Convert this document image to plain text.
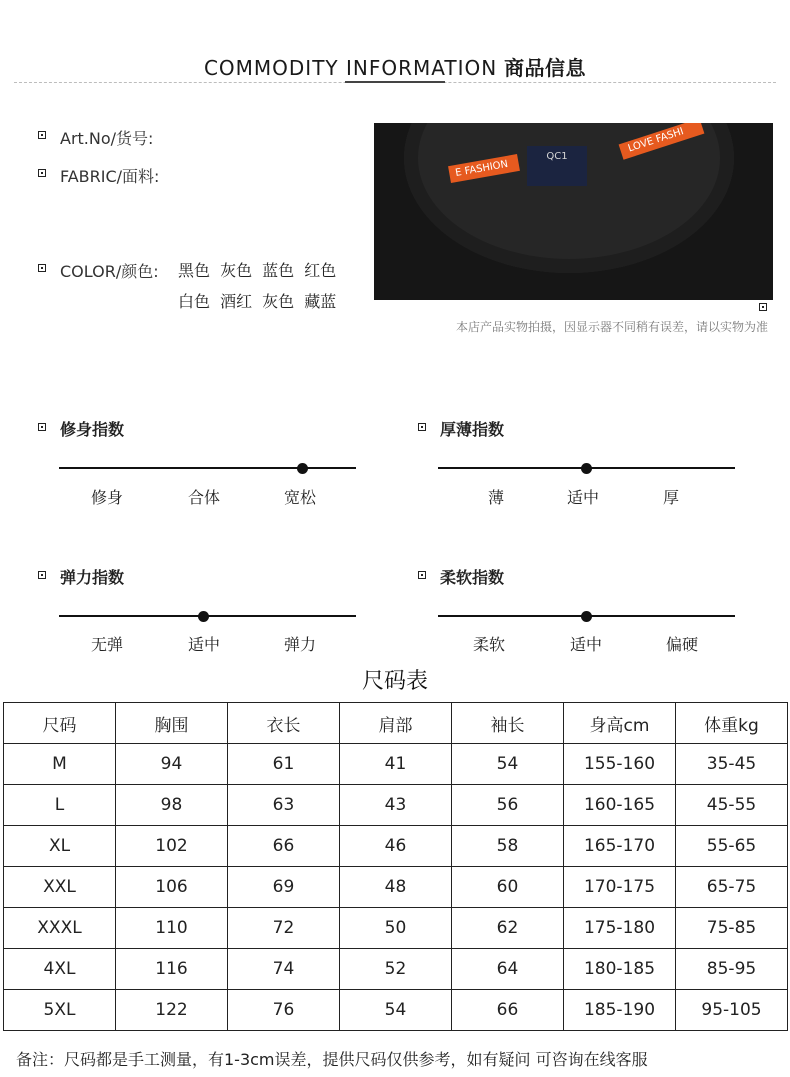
COMMODITY INFORMATION 商品信息
Art.No/货号:
FABRIC/面料:
COLOR/颜色: 黑色 灰色 蓝色 红色
白色 酒红 灰色 藏蓝
E FASHION
QC1
LOVE FASHI
本店产品实物拍摄，因显示器不同稍有误差，请以实物为准
修身指数
修身	合体	宽松
厚薄指数
薄	适中	厚
弹力指数
无弹	适中	弹力
柔软指数
柔软	适中	偏硬
尺码表
尺码	胸围	衣长	肩部	袖长	身高cm	体重kg
M	94	61	41	54	155-160	35-45
L	98	63	43	56	160-165	45-55
XL	102	66	46	58	165-170	55-65
XXL	106	69	48	60	170-175	65-75
XXXL	110	72	50	62	175-180	75-85
4XL	116	74	52	64	180-185	85-95
5XL	122	76	54	66	185-190	95-105
备注：尺码都是手工测量，有1-3cm误差，提供尺码仅供参考，如有疑问 可咨询在线客服
